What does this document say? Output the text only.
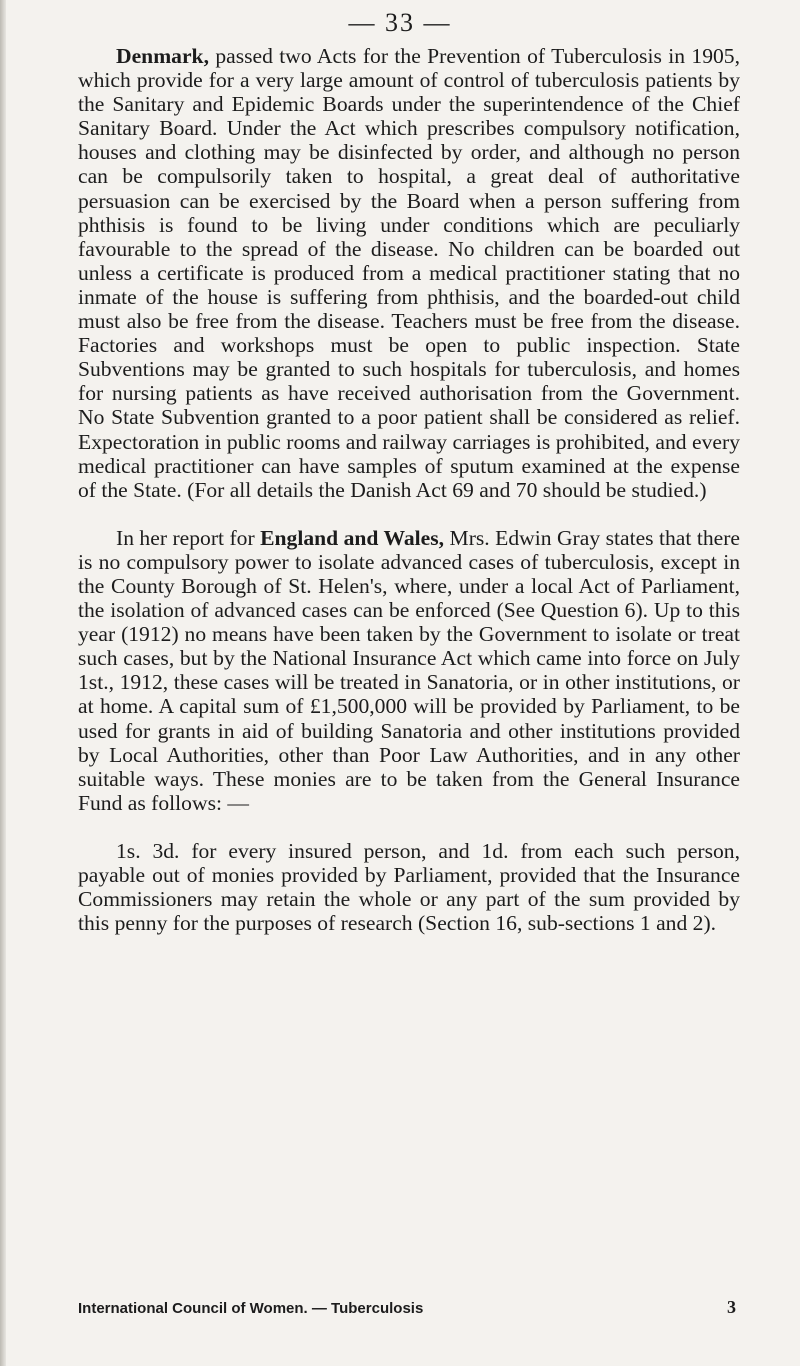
— 33 —

Denmark, passed two Acts for the Prevention of Tuberculosis in 1905, which provide for a very large amount of control of tuberculosis patients by the Sanitary and Epidemic Boards under the superintendence of the Chief Sanitary Board. Under the Act which prescribes compulsory notification, houses and clothing may be disinfected by order, and although no person can be compulsorily taken to hospital, a great deal of authoritative persuasion can be exercised by the Board when a person suffering from phthisis is found to be living under conditions which are peculiarly favourable to the spread of the disease. No children can be boarded out unless a certificate is produced from a medical practitioner stating that no inmate of the house is suffering from phthisis, and the boarded-out child must also be free from the disease. Teachers must be free from the disease. Factories and workshops must be open to public inspection. State Subventions may be granted to such hospitals for tuberculosis, and homes for nursing patients as have received authorisation from the Government. No State Subvention granted to a poor patient shall be considered as relief. Expectoration in public rooms and railway carriages is prohibited, and every medical practitioner can have samples of sputum examined at the expense of the State. (For all details the Danish Act 69 and 70 should be studied.)

In her report for England and Wales, Mrs. Edwin Gray states that there is no compulsory power to isolate advanced cases of tuberculosis, except in the County Borough of St. Helen's, where, under a local Act of Parliament, the isolation of advanced cases can be enforced (See Question 6). Up to this year (1912) no means have been taken by the Government to isolate or treat such cases, but by the National Insurance Act which came into force on July 1st., 1912, these cases will be treated in Sanatoria, or in other institutions, or at home. A capital sum of £1,500,000 will be provided by Parliament, to be used for grants in aid of building Sanatoria and other institutions provided by Local Authorities, other than Poor Law Authorities, and in any other suitable ways. These monies are to be taken from the General Insurance Fund as follows: —

1s. 3d. for every insured person, and 1d. from each such person, payable out of monies provided by Parliament, provided that the Insurance Commissioners may retain the whole or any part of the sum provided by this penny for the purposes of research (Section 16, sub-sections 1 and 2).

International Council of Women. — Tuberculosis	3
